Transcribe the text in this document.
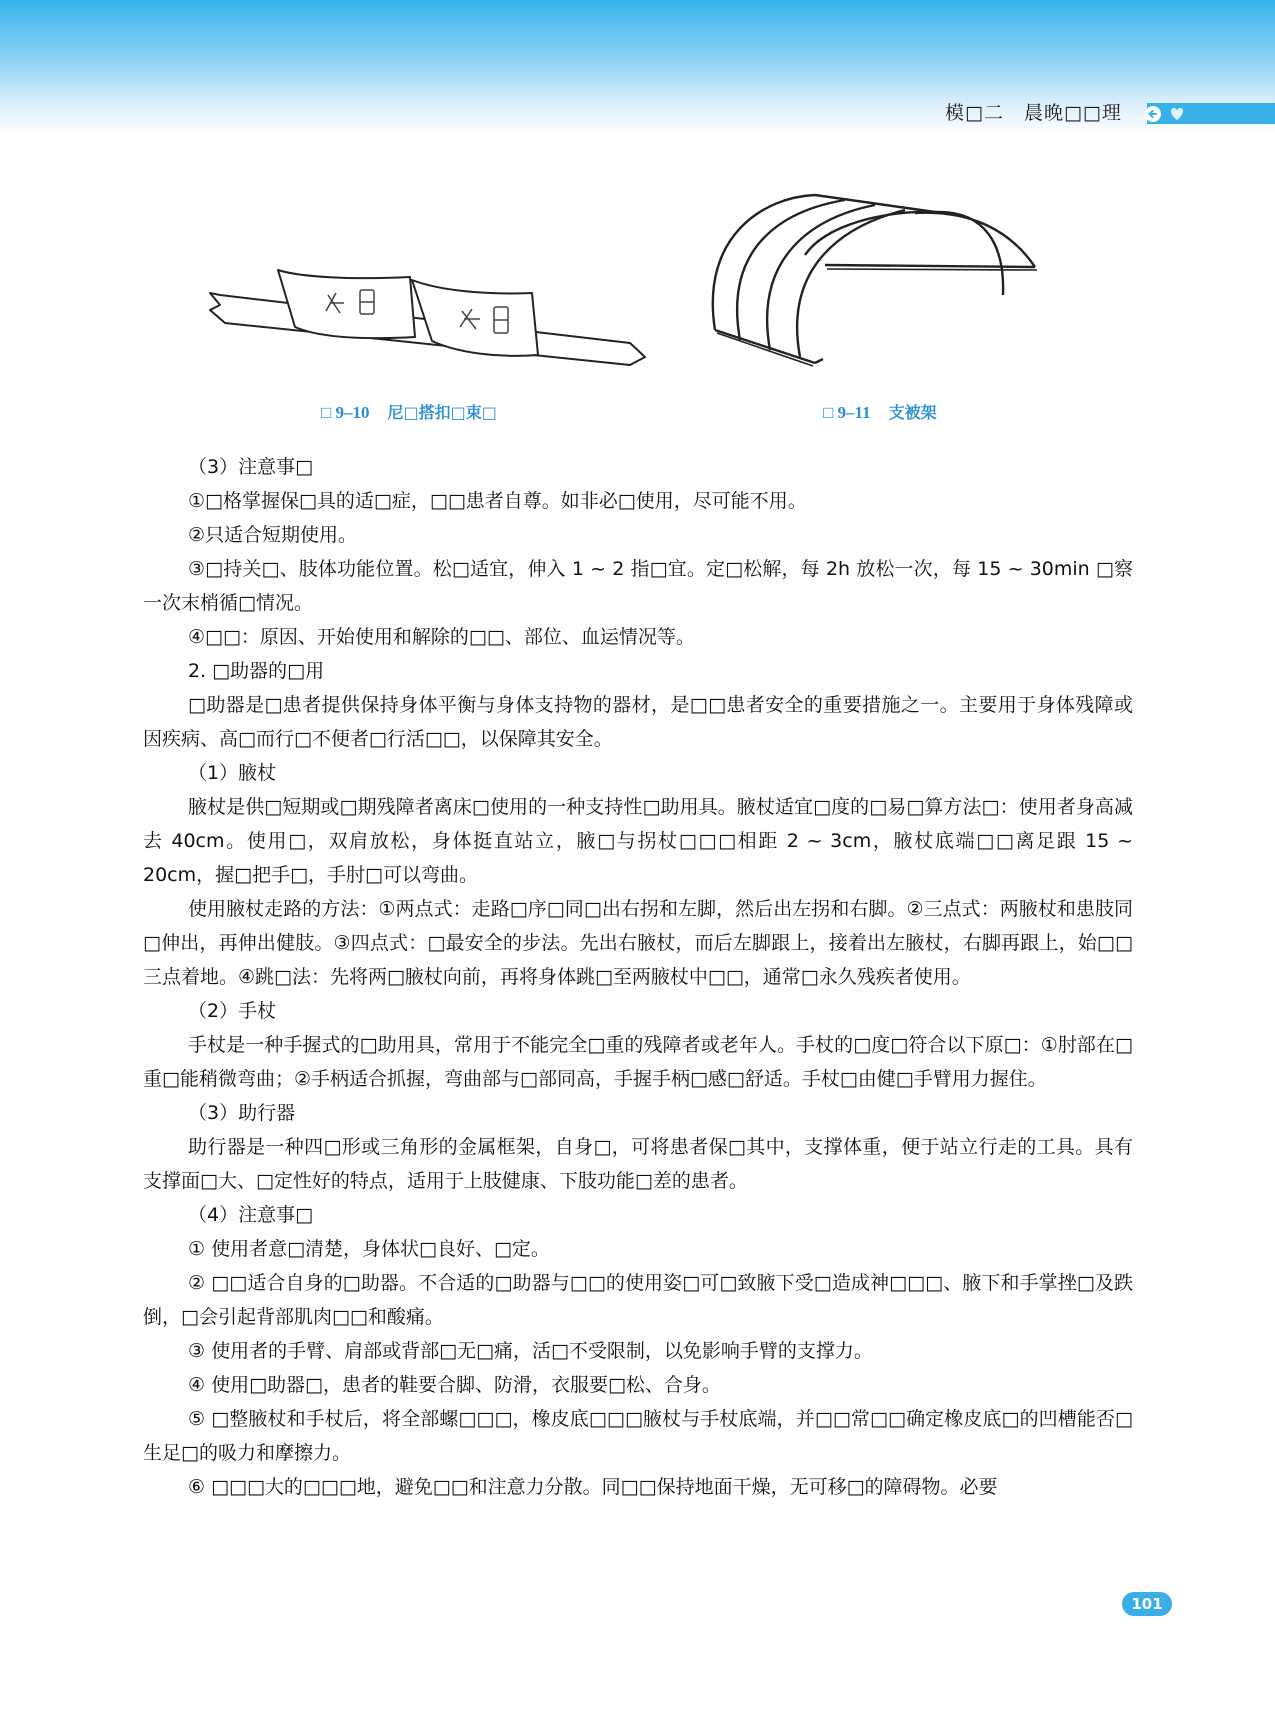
模□二　晨晚□□理
□ 9–10 尼□搭扣□束□	□ 9–11 支被架

（3）注意事□

①□格掌握保□具的适□症，□□患者自尊。如非必□使用，尽可能不用。

②只适合短期使用。

③□持关□、肢体功能位置。松□适宜，伸入 1 ~ 2 指□宜。定□松解，每 2h 放松一次，每 15 ~ 30min □察一次末梢循□情况。

④□□：原因、开始使用和解除的□□、部位、血运情况等。

2. □助器的□用

□助器是□患者提供保持身体平衡与身体支持物的器材，是□□患者安全的重要措施之一。主要用于身体残障或因疾病、高□而行□不便者□行活□□，以保障其安全。

（1）腋杖

腋杖是供□短期或□期残障者离床□使用的一种支持性□助用具。腋杖适宜□度的□易□算方法□：使用者身高减去 40cm。使用□，双肩放松，身体挺直站立，腋□与拐杖□□□相距 2 ~ 3cm，腋杖底端□□离足跟 15 ~ 20cm，握□把手□，手肘□可以弯曲。

使用腋杖走路的方法：①两点式：走路□序□同□出右拐和左脚，然后出左拐和右脚。②三点式：两腋杖和患肢同□伸出，再伸出健肢。③四点式：□最安全的步法。先出右腋杖，而后左脚跟上，接着出左腋杖，右脚再跟上，始□□三点着地。④跳□法：先将两□腋杖向前，再将身体跳□至两腋杖中□□，通常□永久残疾者使用。

（2）手杖

手杖是一种手握式的□助用具，常用于不能完全□重的残障者或老年人。手杖的□度□符合以下原□：①肘部在□重□能稍微弯曲；②手柄适合抓握，弯曲部与□部同高，手握手柄□感□舒适。手杖□由健□手臂用力握住。

（3）助行器

助行器是一种四□形或三角形的金属框架，自身□，可将患者保□其中，支撑体重，便于站立行走的工具。具有支撑面□大、□定性好的特点，适用于上肢健康、下肢功能□差的患者。

（4）注意事□

① 使用者意□清楚，身体状□良好、□定。

② □□适合自身的□助器。不合适的□助器与□□的使用姿□可□致腋下受□造成神□□□、腋下和手掌挫□及跌倒，□会引起背部肌肉□□和酸痛。

③ 使用者的手臂、肩部或背部□无□痛，活□不受限制，以免影响手臂的支撑力。

④ 使用□助器□，患者的鞋要合脚、防滑，衣服要□松、合身。

⑤ □整腋杖和手杖后，将全部螺□□□，橡皮底□□□腋杖与手杖底端，并□□常□□确定橡皮底□的凹槽能否□生足□的吸力和摩擦力。

⑥ □□□大的□□□地，避免□□和注意力分散。同□□保持地面干燥，无可移□的障碍物。必要

101
